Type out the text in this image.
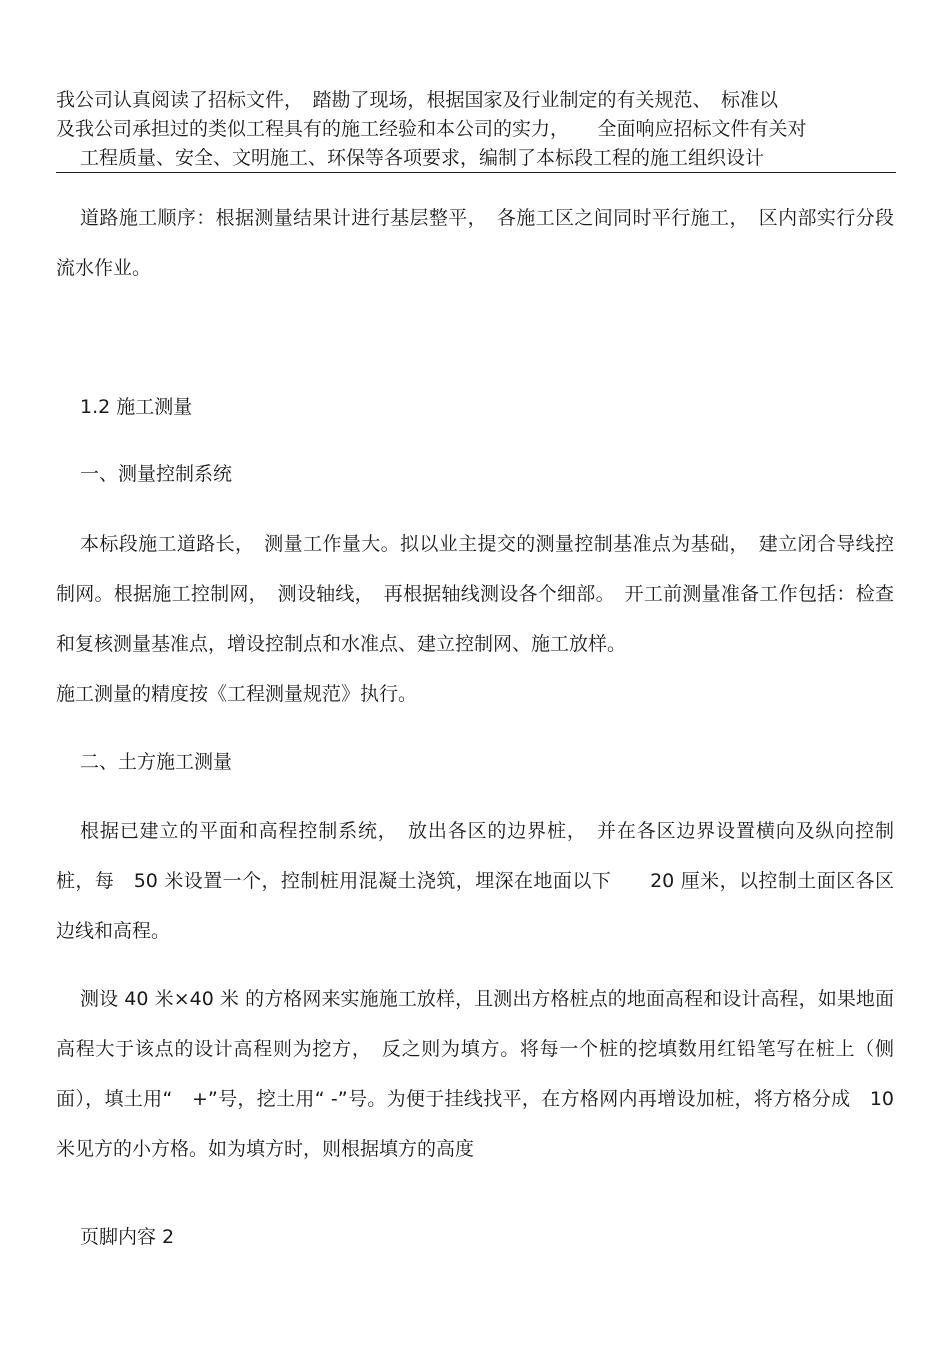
我公司认真阅读了招标文件，　踏勘了现场，根据国家及行业制定的有关规范、　标准以
及我公司承担过的类似工程具有的施工经验和本公司的实力，　　全面响应招标文件有关对
工程质量、安全、文明施工、环保等各项要求，编制了本标段工程的施工组织设计

道路施工顺序：根据测量结果计进行基层整平，　各施工区之间同时平行施工，　区内部实行分段流水作业。

1.2 施工测量

一、测量控制系统

本标段施工道路长，　测量工作量大。拟以业主提交的测量控制基准点为基础，　建立闭合导线控制网。根据施工控制网，　测设轴线，　再根据轴线测设各个细部。　开工前测量准备工作包括：检查和复核测量基准点，增设控制点和水准点、建立控制网、施工放样。

施工测量的精度按《工程测量规范》执行。

二、土方施工测量

根据已建立的平面和高程控制系统，　放出各区的边界桩，　并在各区边界设置横向及纵向控制桩，每　50 米设置一个，控制桩用混凝土浇筑，埋深在地面以下　　20 厘米，以控制土面区各区边线和高程。

测设 40 米×40 米 的方格网来实施施工放样，且测出方格桩点的地面高程和设计高程，如果地面高程大于该点的设计高程则为挖方，　反之则为填方。将每一个桩的挖填数用红铅笔写在桩上（侧面），填土用“　+”号，挖土用“ -”号。为便于挂线找平，在方格网内再增设加桩，将方格分成　10 米见方的小方格。如为填方时，则根据填方的高度

页脚内容 2
